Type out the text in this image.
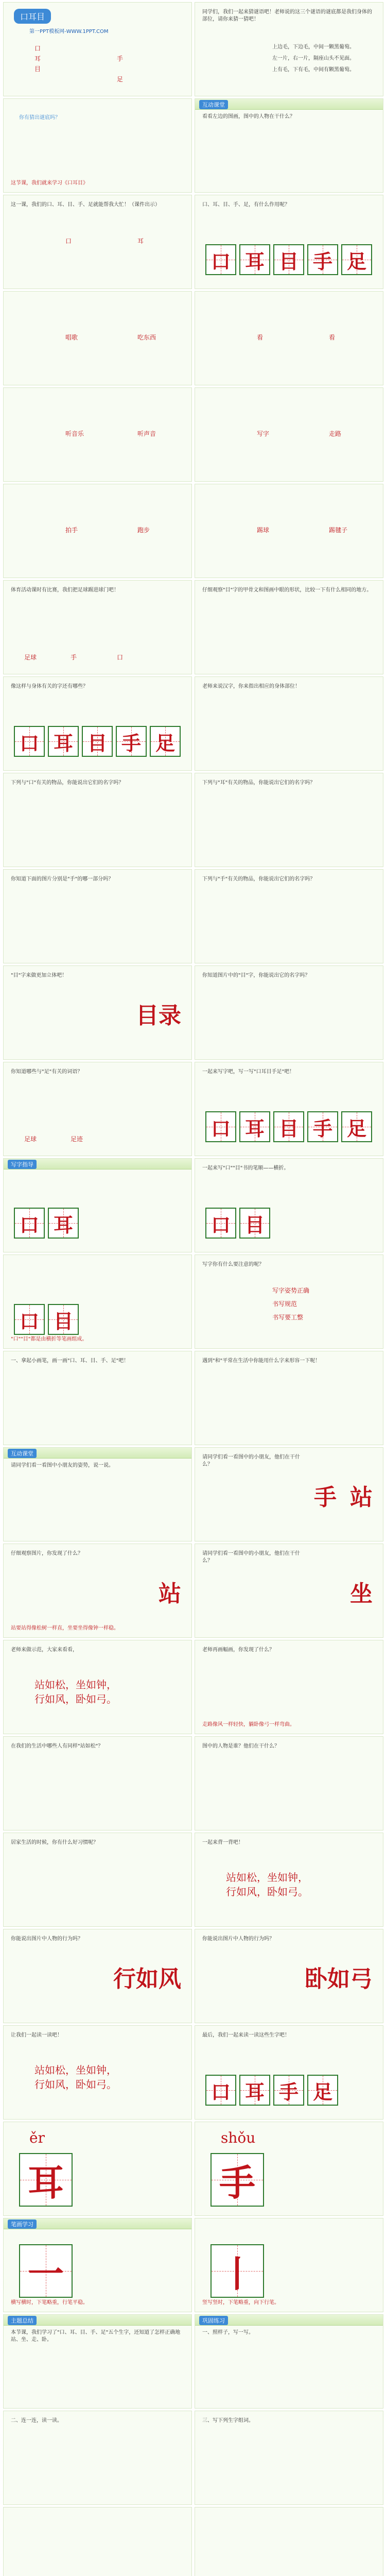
口耳目
第一PPT模板网-WWW.1PPT.COM
口
耳
目
手
足
同学们，我们一起来猜谜语吧！老师说的这三个谜语的谜底都是我们身体的部位，请你来猜一猜吧！
上边毛，下边毛，中间一颗黑葡萄。
左一片，右一片，隔座山头不见面。
上有毛，下有毛，中间有颗黑葡萄。
你有猜出谜底吗？
这节课，我们就来学习《口耳目》
互动课堂
看看左边的图画，图中的人物在干什么？
这一课，我们的口、耳、目、手、足就能帮我大忙！（课件出示）
耳
口
口、耳、目、手、足，有什么作用呢？
口 耳 目 手 足
唱歌	吃东西	看	看
听音乐	听声音	写字	走路
拍手	跑步	踢球	踢毽子
体育活动课时有比赛，我们把足球踢进球门吧！
足球	手	口
仔细观察"目"字的甲骨文和图画中眼的形状，比较一下有什么相同的地方。
像这样与身体有关的字还有哪些？
口 耳 目 手 足
老师来说汉字，你来指出相应的身体部位！
下列与"口"有关的物品，你能说出它们的名字吗？	下列与"耳"有关的物品，你能说出它们的名字吗？
你知道下面的图片分别是"手"的哪一部分吗？	下列与"手"有关的物品，你能说出它们的名字吗？
"目"字来做更加立体吧！
目录
你知道图片中的"目"字，你能说出它的名字吗？
你知道哪些与"足"有关的词语？
足球	足迹
一起来写字吧，写一写"口耳目手足"吧！
口 耳 目 手 足
写字指导
口 耳
一起来写"口""目"书的笔顺——横折。
口 目
"口""目"都是由横折等笔画组成。
口 目
写字你有什么要注意的呢？
写字姿势正确
书写规范
书写要工整
一、拿起小画笔，画一画"口、耳、目、手、足"吧！	遇到"和"平常在生活中你能用什么字来形容一下呢！
互动课堂
请同学们看一看图中小朋友的姿势，说一说。
请同学们看一看图中的小朋友，他们在干什么？
站
手
仔细观察图片，你发现了什么？
站要站得像松树一样直，坐要坐得像钟一样稳。
站
请同学们看一看图中的小朋友，他们在干什么？
坐
老师来做示范，大家来看看，
站如松，坐如钟，
行如风，卧如弓。
老师再画幅画，你发现了什么？
走路像风一样轻快，躺卧像弓一样弯曲。
在我们的生活中哪些人有同样"站如松"？	图中的人物是谁？他们在干什么？
居家生活的时候，你有什么好习惯呢？	一起来背一背吧！
站如松，坐如钟，
行如风，卧如弓。
你能说出图片中人物的行为吗？
行如风
你能说出图片中人物的行为吗？
卧如弓
让我们一起读一读吧！
站如松，坐如钟，
行如风，卧如弓。
最后，我们一起来读一读这些生字吧！
口 耳 手 足
ěr
耳
shǒu
手
笔画学习
横写横时，下笔略重，行笔平稳。
一
竖写竖时，下笔略重，向下行笔。
丨
主题总结
本节课，我们学习了"口、耳、目、手、足"五个生字，还知道了怎样正确地站、坐、走、卧。
巩固练习
一、照样子，写一写。
二、连一连，读一读。	三、写下列生字组词。
